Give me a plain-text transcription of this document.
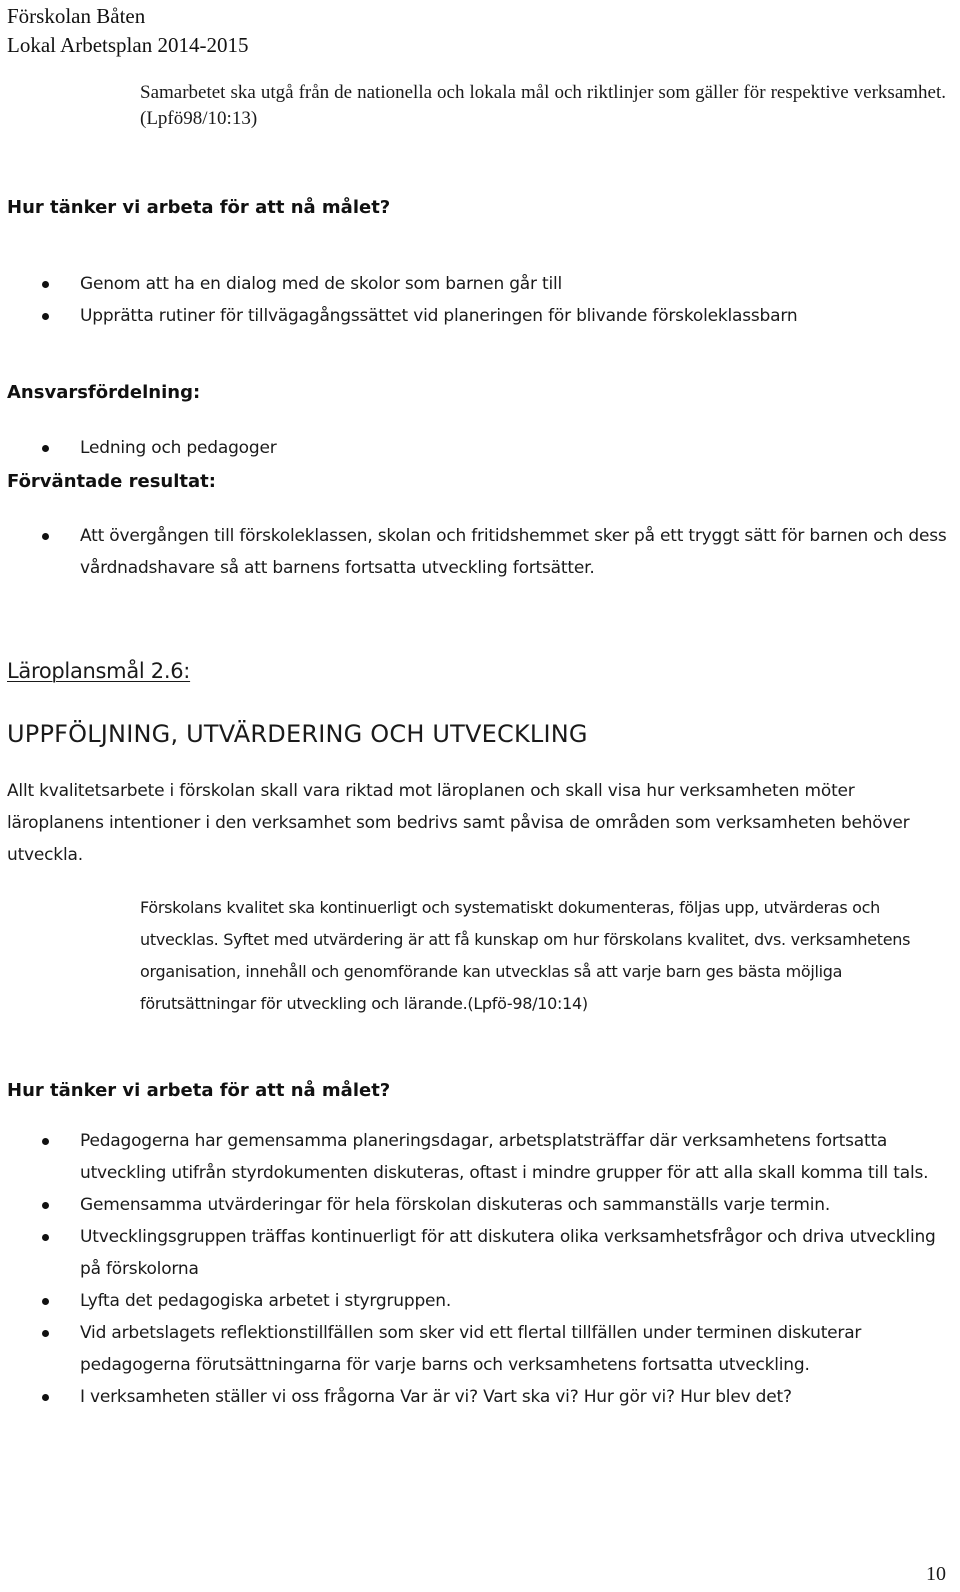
Förskolan Båten
Lokal Arbetsplan 2014-2015
Samarbetet ska utgå från de nationella och lokala mål och riktlinjer som gäller för respektive verksamhet.(Lpfö98/10:13)
Hur tänker vi arbeta för att nå målet?
Genom att ha en dialog med de skolor som barnen går till
Upprätta rutiner för tillvägagångssättet vid planeringen för blivande förskoleklassbarn
Ansvarsfördelning:
Ledning och pedagoger
Förväntade resultat:
Att övergången till förskoleklassen, skolan och fritidshemmet sker på ett tryggt sätt för barnen och dess vårdnadshavare så att barnens fortsatta utveckling fortsätter.
Läroplansmål 2.6:
UPPFÖLJNING, UTVÄRDERING OCH UTVECKLING
Allt kvalitetsarbete i förskolan skall vara riktad mot läroplanen och skall visa hur verksamheten möter läroplanens intentioner i den verksamhet som bedrivs samt påvisa de områden som verksamheten behöver utveckla.
Förskolans kvalitet ska kontinuerligt och systematiskt dokumenteras, följas upp, utvärderas och utvecklas. Syftet med utvärdering är att få kunskap om hur förskolans kvalitet, dvs. verksamhetens organisation, innehåll och genomförande kan utvecklas så att varje barn ges bästa möjliga förutsättningar för utveckling och lärande.(Lpfö-98/10:14)
Hur tänker vi arbeta för att nå målet?
Pedagogerna har gemensamma planeringsdagar, arbetsplatsträffar där verksamhetens fortsatta utveckling utifrån styrdokumenten diskuteras, oftast i mindre grupper för att alla skall komma till tals.
Gemensamma utvärderingar för hela förskolan diskuteras och sammanställs varje termin.
Utvecklingsgruppen träffas kontinuerligt för att diskutera olika verksamhetsfrågor och driva utveckling på förskolorna
Lyfta det pedagogiska arbetet i styrgruppen.
Vid arbetslagets reflektionstillfällen som sker vid ett flertal tillfällen under terminen diskuterar pedagogerna förutsättningarna för varje barns och verksamhetens fortsatta utveckling.
I verksamheten ställer vi oss frågorna Var är vi? Vart ska vi? Hur gör vi? Hur blev det?
10
